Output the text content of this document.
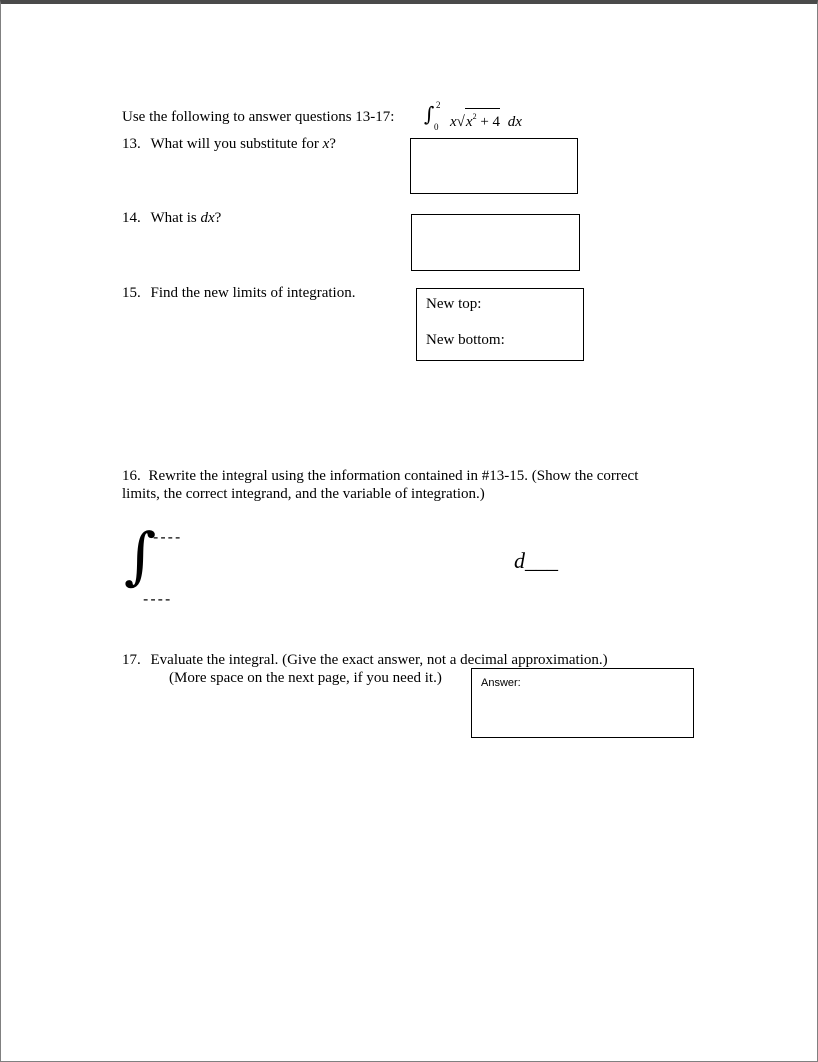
Use the following to answer questions 13-17: ∫ 2
0 $x√x^2 + 4$ dx
13. What will you substitute for x?
14. What is dx?
15. Find the new limits of integration.
New top:
New bottom:
16. Rewrite the integral using the information contained in #13-15. (Show the correct
limits, the correct integrand, and the variable of integration.)
∫
----
----
d___
17. Evaluate the integral. (Give the exact answer, not a decimal approximation.)
(More space on the next page, if you need it.)	Answer:
